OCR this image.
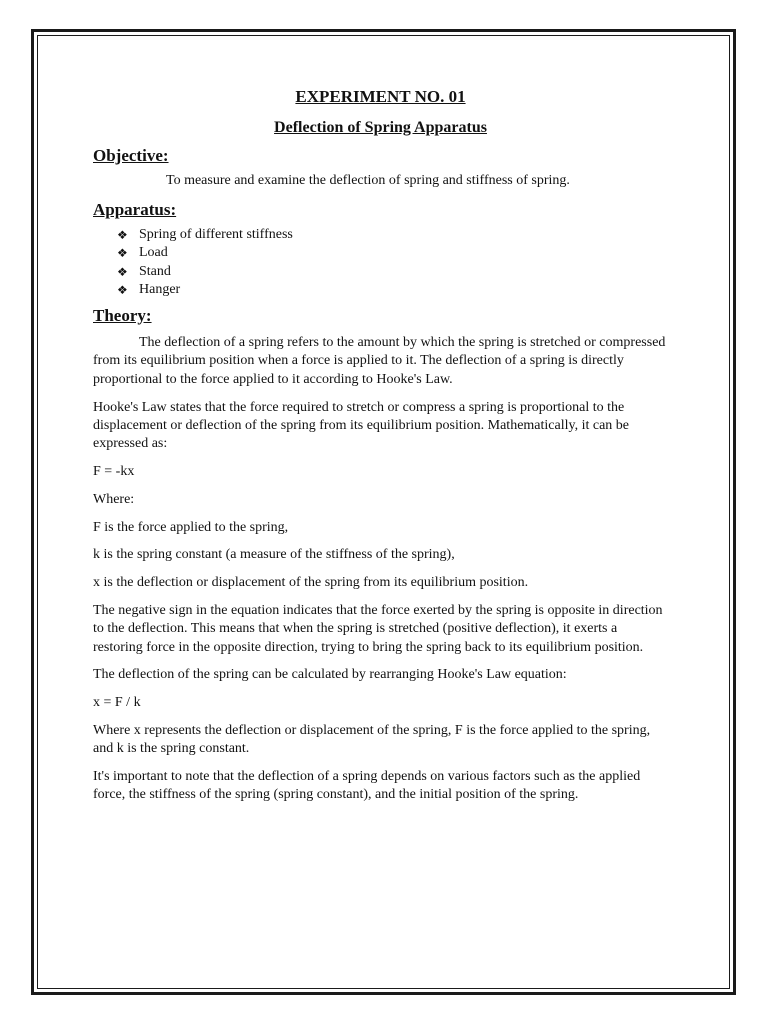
EXPERIMENT NO. 01
Deflection of Spring Apparatus
Objective:
To measure and examine the deflection of spring and stiffness of spring.
Apparatus:
❖ Spring of different stiffness
❖ Load
❖ Stand
❖ Hanger
Theory:

The deflection of a spring refers to the amount by which the spring is stretched or compressed from its equilibrium position when a force is applied to it. The deflection of a spring is directly proportional to the force applied to it according to Hooke's Law.

Hooke's Law states that the force required to stretch or compress a spring is proportional to the displacement or deflection of the spring from its equilibrium position. Mathematically, it can be expressed as:

F = -kx

Where:

F is the force applied to the spring,

k is the spring constant (a measure of the stiffness of the spring),

x is the deflection or displacement of the spring from its equilibrium position.

The negative sign in the equation indicates that the force exerted by the spring is opposite in direction to the deflection. This means that when the spring is stretched (positive deflection), it exerts a restoring force in the opposite direction, trying to bring the spring back to its equilibrium position.

The deflection of the spring can be calculated by rearranging Hooke's Law equation:

x = F / k

Where x represents the deflection or displacement of the spring, F is the force applied to the spring, and k is the spring constant.

It's important to note that the deflection of a spring depends on various factors such as the applied force, the stiffness of the spring (spring constant), and the initial position of the spring.
